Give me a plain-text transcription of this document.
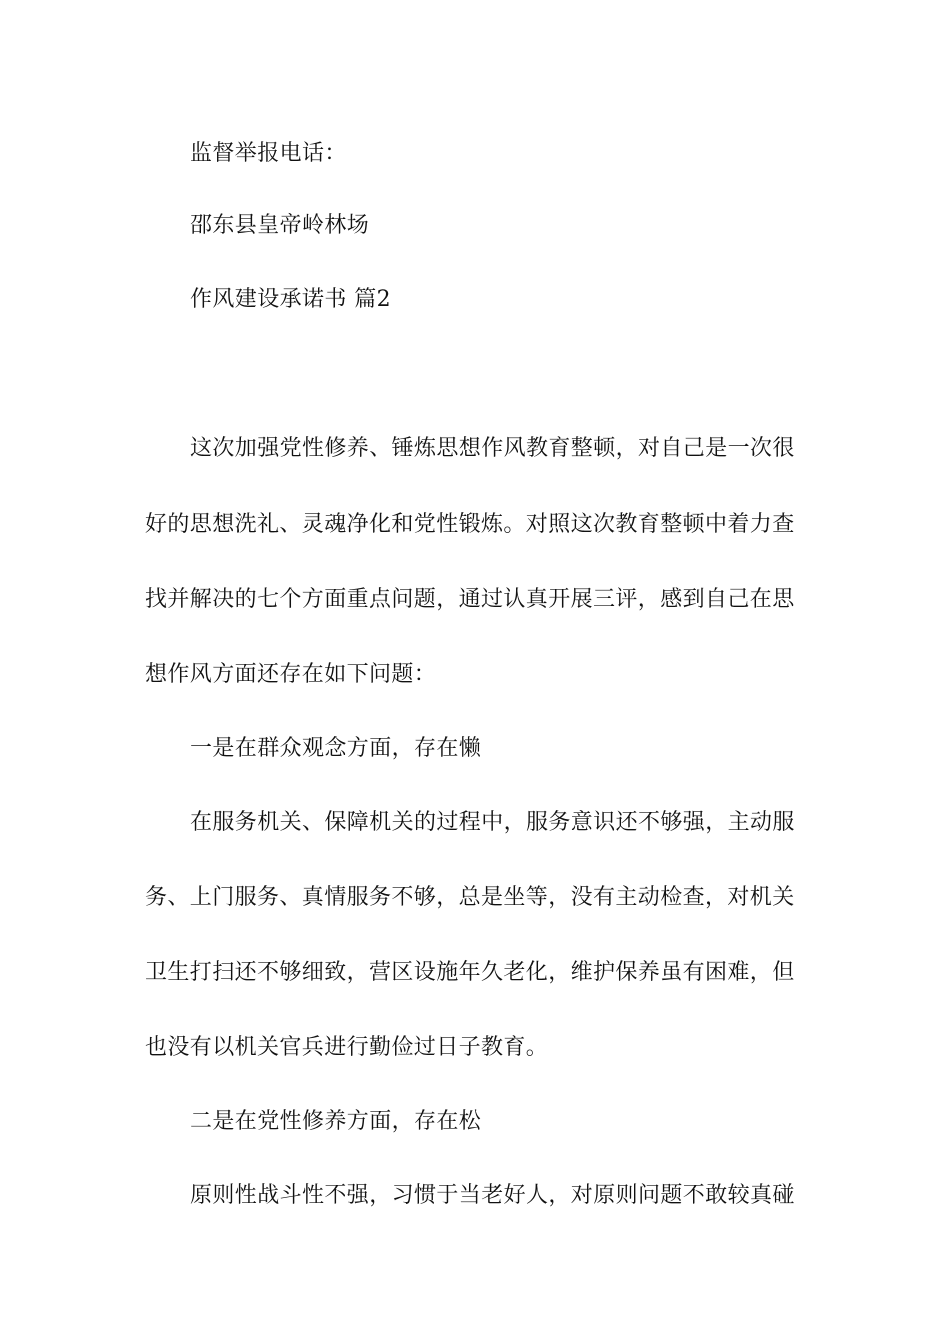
监督举报电话：
邵东县皇帝岭林场
作风建设承诺书 篇2
这次加强党性修养、锤炼思想作风教育整顿，对自己是一次很
好的思想洗礼、灵魂净化和党性锻炼。对照这次教育整顿中着力查
找并解决的七个方面重点问题，通过认真开展三评，感到自己在思
想作风方面还存在如下问题：
一是在群众观念方面，存在懒
在服务机关、保障机关的过程中，服务意识还不够强，主动服
务、上门服务、真情服务不够，总是坐等，没有主动检查，对机关
卫生打扫还不够细致，营区设施年久老化，维护保养虽有困难，但
也没有以机关官兵进行勤俭过日子教育。
二是在党性修养方面，存在松
原则性战斗性不强，习惯于当老好人，对原则问题不敢较真碰
